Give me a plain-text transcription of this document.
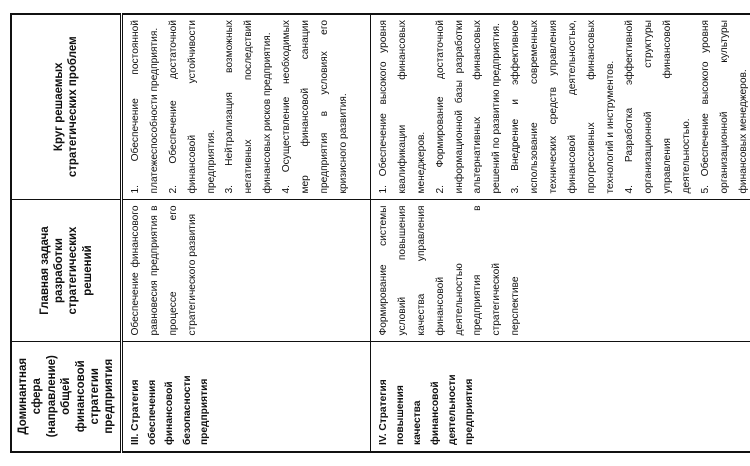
Доминантная сфера (направление) общей финансовой стратегии предприятия	Главная задача разработки стратегических решений	Круг решаемых стратегических проблем
III. Стратегия обеспечения финансовой безопасности предприятия	Обеспечение финансового равновесия предприятия в процессе его стратегического развития	1. Обеспечение постоянной платежеспособности предприятия. 2. Обеспечение достаточной финансовой устойчивости предприятия. 3. Нейтрализация возможных негативных последствий финансовых рисков предприятия. 4. Осуществление необходимых мер финансовой санации предприятия в условиях его кризисного развития.

IV. Стратегия повышения качества финансовой деятельности предприятия	Формирование системы условий повышения качества управления финансовой деятельностью предприятия в стратегической перспективе	1. Обеспечение высокого уровня квалификации финансовых менеджеров. 2. Формирование достаточной информационной базы разработки альтернативных финансовых решений по развитию предприятия. 3. Внедрение и эффективное использование современных технических средств управления финансовой деятельностью, прогрессивных финансовых технологий и инструментов. 4. Разработка эффективной организационной структуры управления финансовой деятельностью. 5. Обеспечение высокого уровня организационной культуры финансовых менеджеров.
